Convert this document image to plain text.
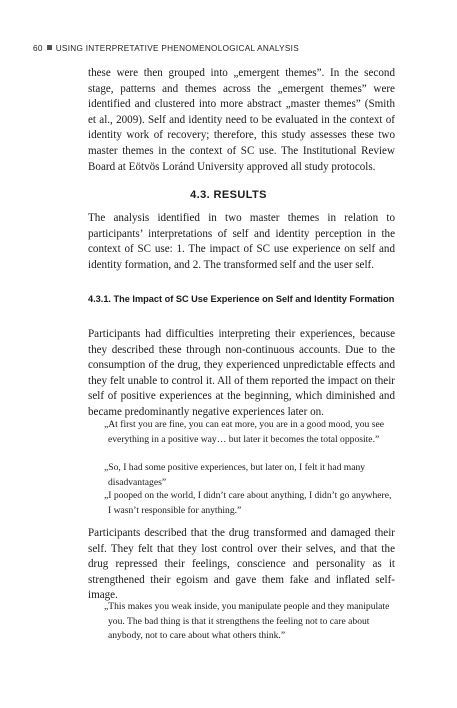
60 USING INTERPRETATIVE PHENOMENOLOGICAL ANALYSIS

these were then grouped into „emergent themes”. In the second stage, patterns and themes across the „emergent themes” were identified and clustered into more abstract „master themes” (Smith et al., 2009). Self and identity need to be evaluated in the context of identity work of recovery; therefore, this study assesses these two master themes in the context of SC use. The Institutional Review Board at Eötvös Loránd University approved all study protocols.

4.3. RESULTS

The analysis identified in two master themes in relation to participants’ interpretations of self and identity perception in the context of SC use: 1. The impact of SC use experience on self and identity formation, and 2. The transformed self and the user self.

4.3.1. The Impact of SC Use Experience on Self and Identity Formation

Participants had difficulties interpreting their experiences, because they described these through non-continuous accounts. Due to the consumption of the drug, they experienced unpredictable effects and they felt unable to control it. All of them reported the impact on their self of positive experiences at the beginning, which diminished and became predominantly negative experiences later on.

„At first you are fine, you can eat more, you are in a good mood, you see everything in a positive way… but later it becomes the total opposite.”

„So, I had some positive experiences, but later on, I felt it had many disadvantages”

„I pooped on the world, I didn’t care about anything, I didn’t go anywhere, I wasn’t responsible for anything.”

Participants described that the drug transformed and damaged their self. They felt that they lost control over their selves, and that the drug repressed their feelings, conscience and personality as it strengthened their egoism and gave them fake and inflated self-image.

„This makes you weak inside, you manipulate people and they manipulate you. The bad thing is that it strengthens the feeling not to care about anybody, not to care about what others think.”
